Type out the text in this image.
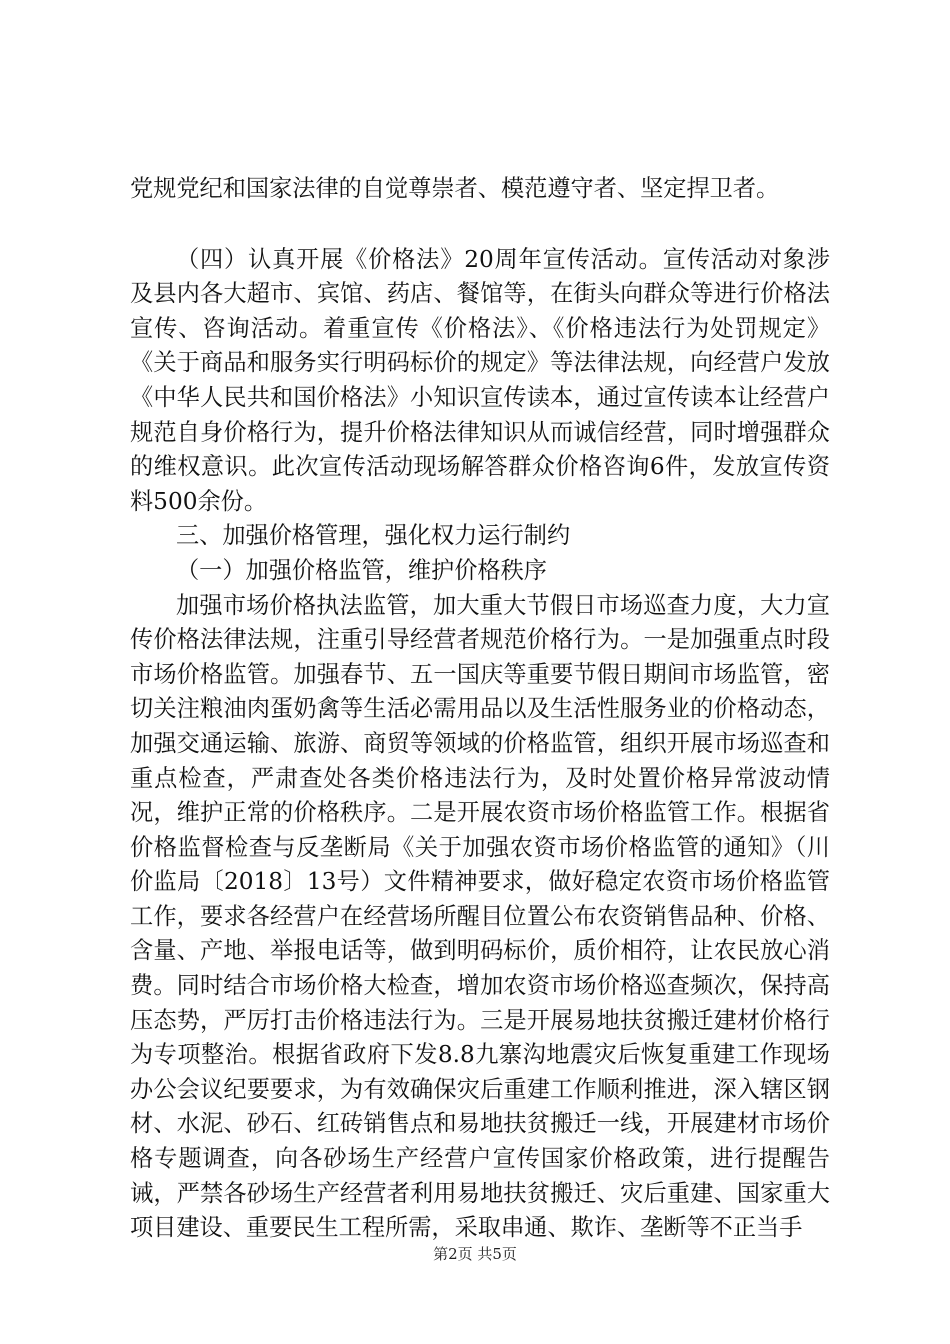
党规党纪和国家法律的自觉尊崇者、模范遵守者、坚定捍卫者。

（四）认真开展《价格法》20周年宣传活动。宣传活动对象涉及县内各大超市、宾馆、药店、餐馆等，在街头向群众等进行价格法宣传、咨询活动。着重宣传《价格法》、《价格违法行为处罚规定》《关于商品和服务实行明码标价的规定》等法律法规，向经营户发放《中华人民共和国价格法》小知识宣传读本，通过宣传读本让经营户规范自身价格行为，提升价格法律知识从而诚信经营，同时增强群众的维权意识。此次宣传活动现场解答群众价格咨询6件，发放宣传资料500余份。

三、加强价格管理，强化权力运行制约

（一）加强价格监管，维护价格秩序

加强市场价格执法监管，加大重大节假日市场巡查力度，大力宣传价格法律法规，注重引导经营者规范价格行为。一是加强重点时段市场价格监管。加强春节、五一国庆等重要节假日期间市场监管，密切关注粮油肉蛋奶禽等生活必需用品以及生活性服务业的价格动态，加强交通运输、旅游、商贸等领域的价格监管，组织开展市场巡查和重点检查，严肃查处各类价格违法行为，及时处置价格异常波动情况，维护正常的价格秩序。二是开展农资市场价格监管工作。根据省价格监督检查与反垄断局《关于加强农资市场价格监管的通知》（川价监局〔2018〕13号）文件精神要求，做好稳定农资市场价格监管工作，要求各经营户在经营场所醒目位置公布农资销售品种、价格、含量、产地、举报电话等，做到明码标价，质价相符，让农民放心消费。同时结合市场价格大检查，增加农资市场价格巡查频次，保持高压态势，严厉打击价格违法行为。三是开展易地扶贫搬迁建材价格行为专项整治。根据省政府下发8.8九寨沟地震灾后恢复重建工作现场办公会议纪要要求，为有效确保灾后重建工作顺利推进，深入辖区钢材、水泥、砂石、红砖销售点和易地扶贫搬迁一线，开展建材市场价格专题调查，向各砂场生产经营户宣传国家价格政策，进行提醒告诫，严禁各砂场生产经营者利用易地扶贫搬迁、灾后重建、国家重大项目建设、重要民生工程所需，采取串通、欺诈、垄断等不正当手

第2页 共5页
